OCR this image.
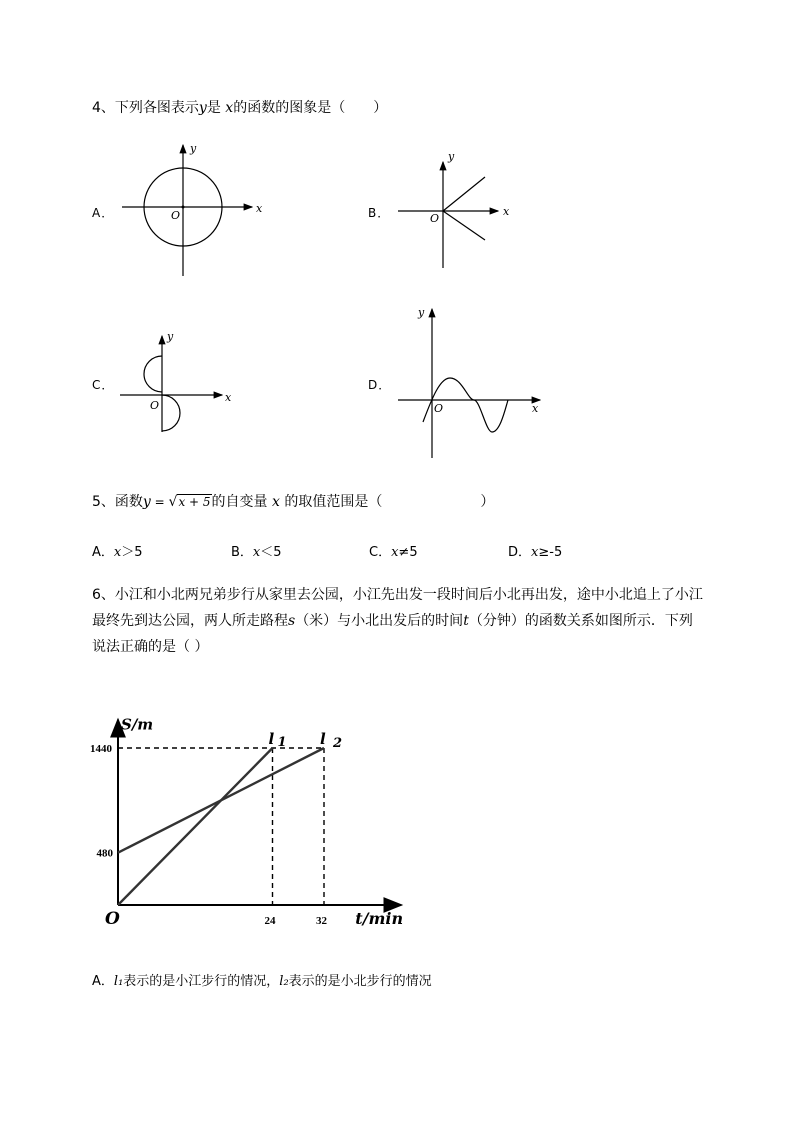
4、下列各图表示y是 x的函数的图象是（　　）
A．	B．
C．	D．
x
y
O	x
y
O
x
y
O	x
y
O
5、函数y = √x + 5的自变量 x 的取值范围是（　　　　　　　）
A．x＞5	B．x＜5	C．x≠5	D．x≥-5
6、小江和小北两兄弟步行从家里去公园，小江先出发一段时间后小北再出发，途中小北追上了小江
最终先到达公园，两人所走路程s（米）与小北出发后的时间t（分钟）的函数关系如图所示．下列
说法正确的是（ ）
24	32
480
1440
S/m
t/min
O
l 1 l 2
A．l₁表示的是小江步行的情况，l₂表示的是小北步行的情况
